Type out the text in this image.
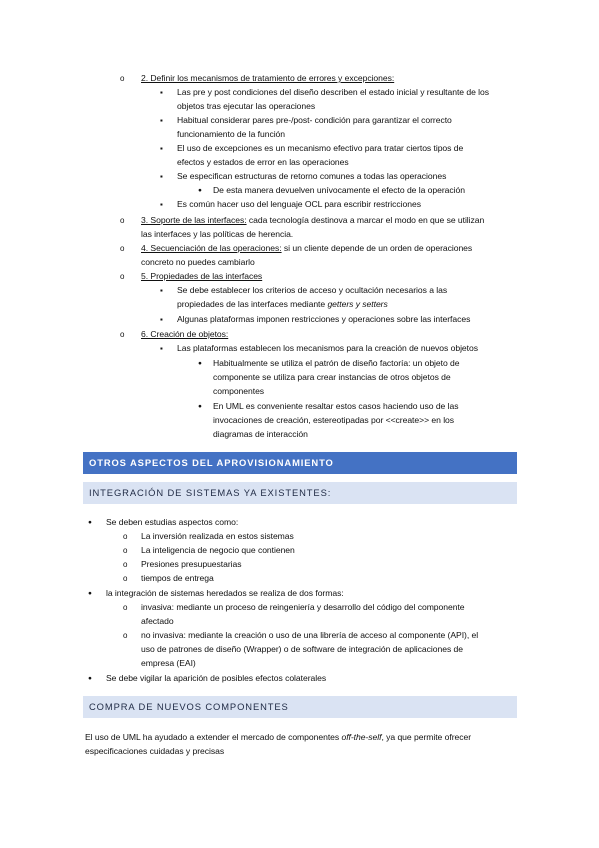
o 2. Definir los mecanismos de tratamiento de errores y excepciones:
▪ Las pre y post condiciones del diseño describen el estado inicial y resultante de los
objetos tras ejecutar las operaciones
▪ Habitual considerar pares pre-/post- condición para garantizar el correcto
funcionamiento de la función
▪ El uso de excepciones es un mecanismo efectivo para tratar ciertos tipos de
efectos y estados de error en las operaciones
▪ Se especifican estructuras de retorno comunes a todas las operaciones
● De esta manera devuelven unívocamente el efecto de la operación
▪ Es común hacer uso del lenguaje OCL para escribir restricciones
o 3. Soporte de las interfaces: cada tecnología destinova a marcar el modo en que se utilizan
las interfaces y las políticas de herencia.
o 4. Secuenciación de las operaciones: si un cliente depende de un orden de operaciones
concreto no puedes cambiarlo
o 5. Propiedades de las interfaces
▪ Se debe establecer los criterios de acceso y ocultación necesarios a las
propiedades de las interfaces mediante getters y setters
▪ Algunas plataformas imponen restricciones y operaciones sobre las interfaces
o 6. Creación de objetos:
▪ Las plataformas establecen los mecanismos para la creación de nuevos objetos
● Habitualmente se utiliza el patrón de diseño factoría: un objeto de
componente se utiliza para crear instancias de otros objetos de
componentes
● En UML es conveniente resaltar estos casos haciendo uso de las
invocaciones de creación, estereotipadas por <<create>> en los
diagramas de interacción
OTROS ASPECTOS DEL APROVISIONAMIENTO
INTEGRACIÓN DE SISTEMAS YA EXISTENTES:
● Se deben estudias aspectos como:
o La inversión realizada en estos sistemas
o La inteligencia de negocio que contienen
o Presiones presupuestarias
o tiempos de entrega
● la integración de sistemas heredados se realiza de dos formas:
o invasiva: mediante un proceso de reingeniería y desarrollo del código del componente
afectado
o no invasiva: mediante la creación o uso de una librería de acceso al componente (API), el
uso de patrones de diseño (Wrapper) o de software de integración de aplicaciones de
empresa (EAI)
● Se debe vigilar la aparición de posibles efectos colaterales
COMPRA DE NUEVOS COMPONENTES
El uso de UML ha ayudado a extender el mercado de componentes off-the-self, ya que permite ofrecer
especificaciones cuidadas y precisas
